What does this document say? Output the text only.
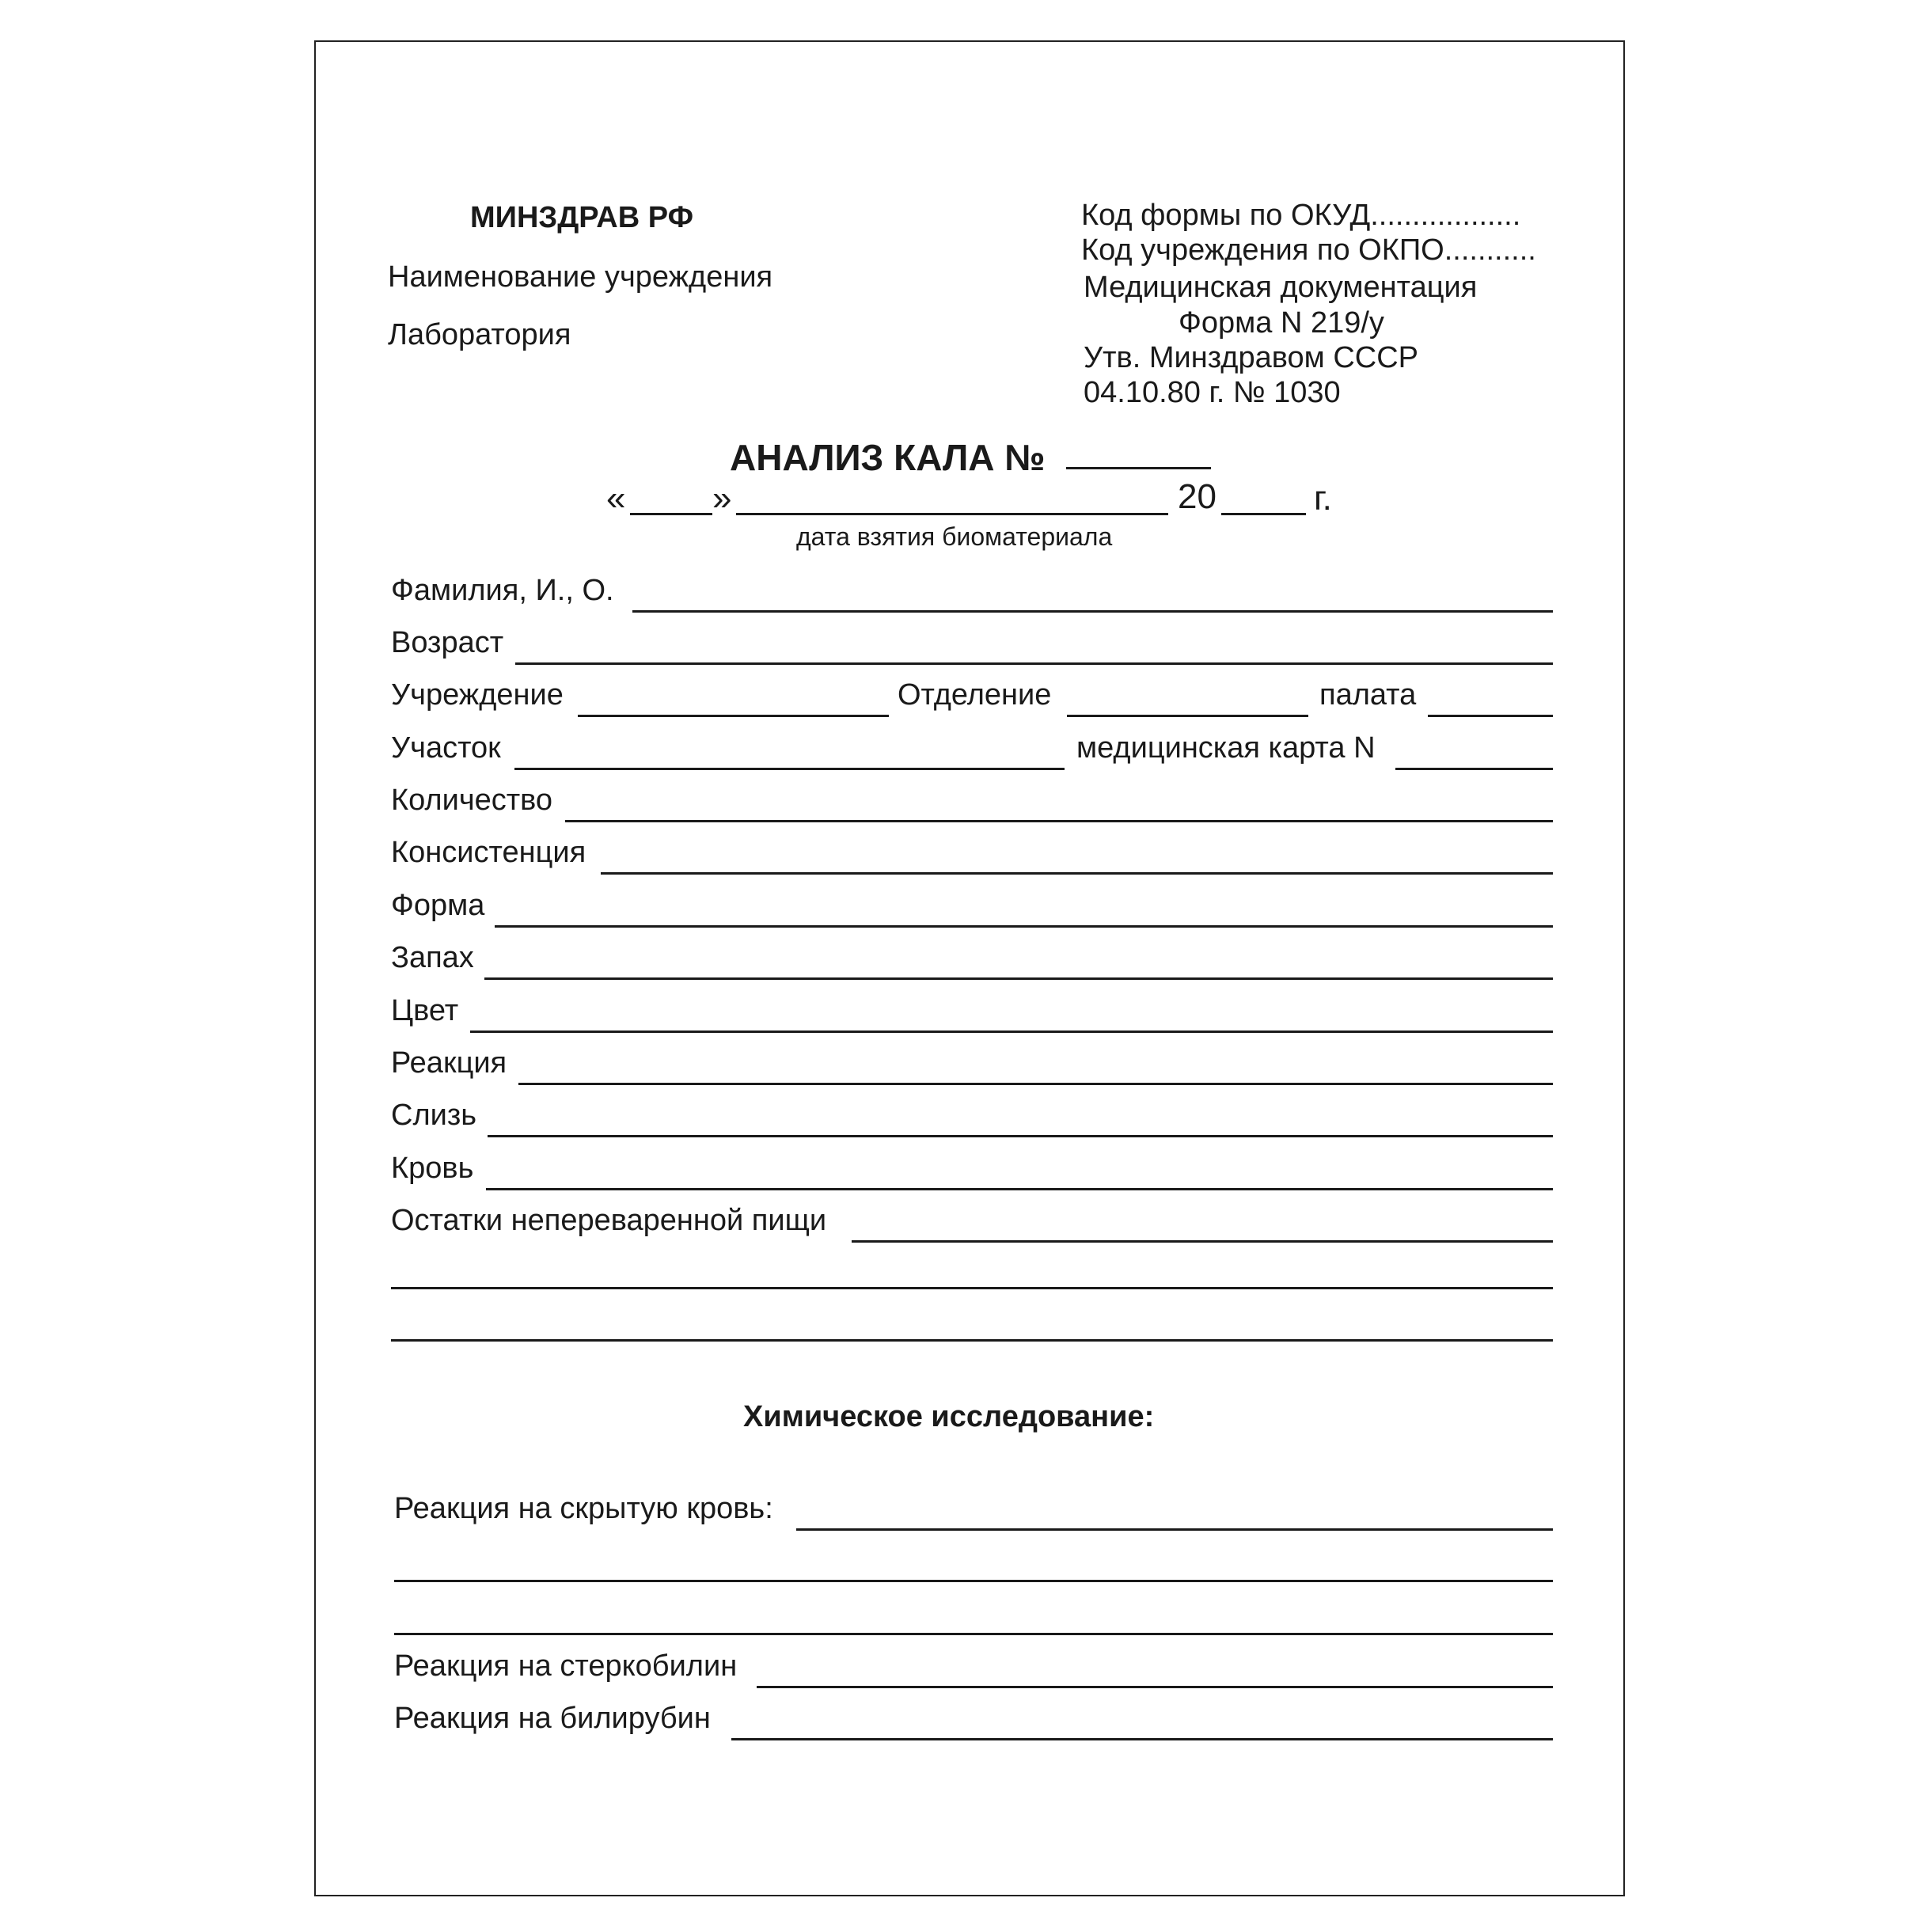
МИНЗДРАВ РФ
Наименование учреждения
Лаборатория
Код формы по ОКУД..................
Код учреждения по ОКПО...........
Медицинская документация
Форма N 219/у
Утв. Минздравом СССР
04.10.80 г. № 1030
АНАЛИЗ КАЛА №
« »	20	г.
дата взятия биоматериала
Фамилия, И., О.
Возраст
Учреждение	Отделение	палата
Участок	медицинская карта N
Количество
Консистенция
Форма
Запах
Цвет
Реакция
Слизь
Кровь
Остатки непереваренной пищи
Химическое исследование:
Реакция на скрытую кровь:
Реакция на стеркобилин
Реакция на билирубин
